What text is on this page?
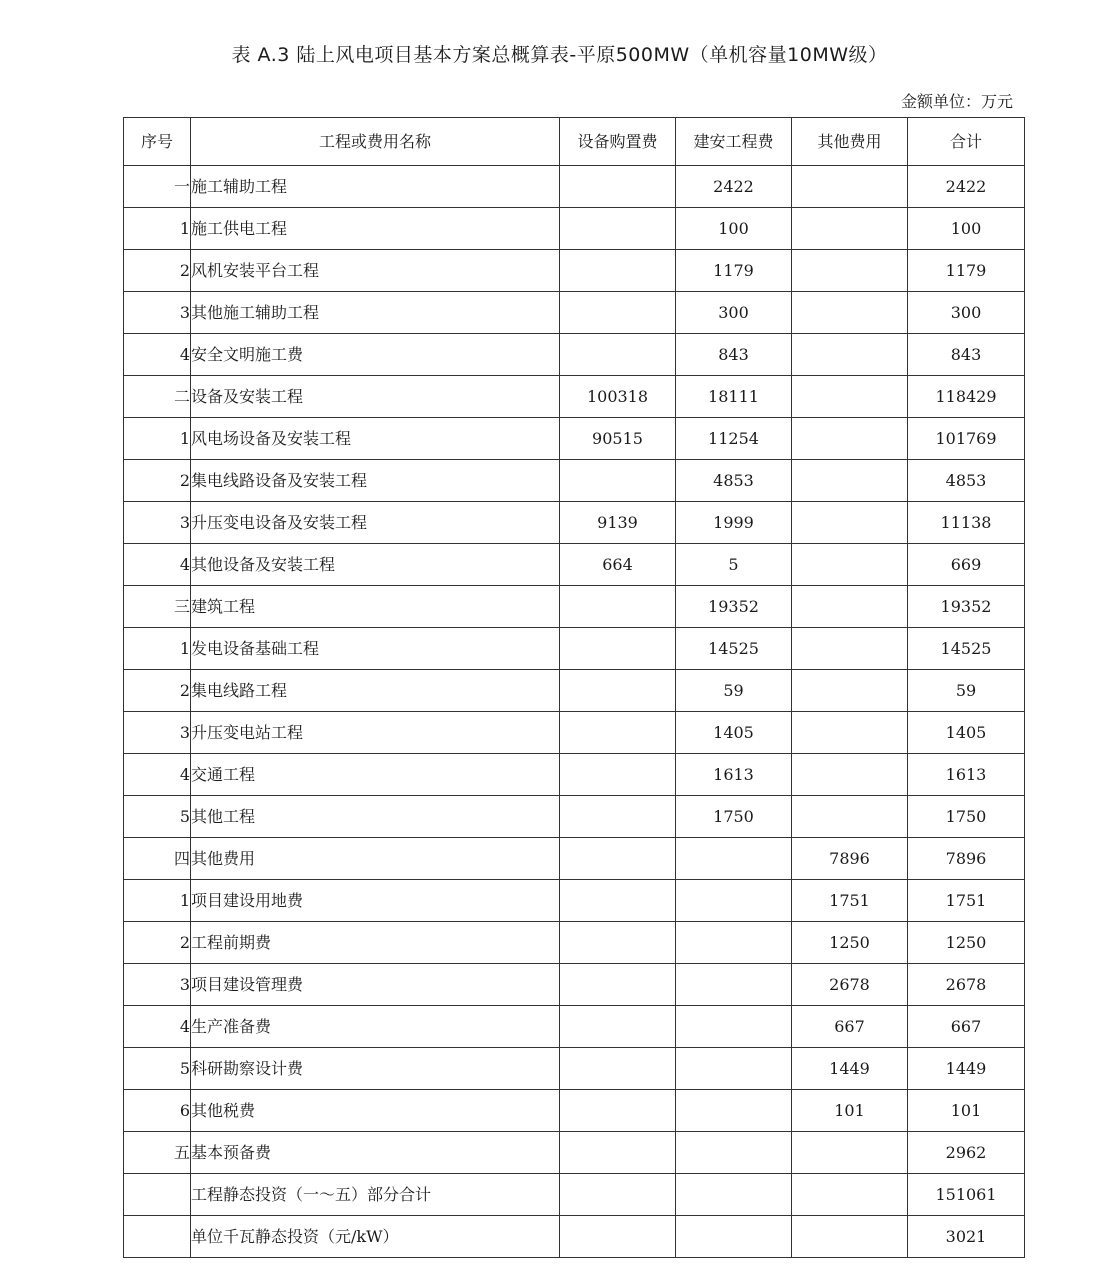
表 A.3 陆上风电项目基本方案总概算表-平原500MW（单机容量10MW级）
金额单位：万元
序号	工程或费用名称	设备购置费	建安工程费	其他费用	合计
一	施工辅助工程		2422		2422
1	施工供电工程		100		100
2	风机安装平台工程		1179		1179
3	其他施工辅助工程		300		300
4	安全文明施工费		843		843
二	设备及安装工程	100318	18111		118429
1	风电场设备及安装工程	90515	11254		101769
2	集电线路设备及安装工程		4853		4853
3	升压变电设备及安装工程	9139	1999		11138
4	其他设备及安装工程	664	5		669
三	建筑工程		19352		19352
1	发电设备基础工程		14525		14525
2	集电线路工程		59		59
3	升压变电站工程		1405		1405
4	交通工程		1613		1613
5	其他工程		1750		1750
四	其他费用			7896	7896
1	项目建设用地费			1751	1751
2	工程前期费			1250	1250
3	项目建设管理费			2678	2678
4	生产准备费			667	667
5	科研勘察设计费			1449	1449
6	其他税费			101	101
五	基本预备费				2962
	工程静态投资（一～五）部分合计				151061
	单位千瓦静态投资（元/kW）				3021
